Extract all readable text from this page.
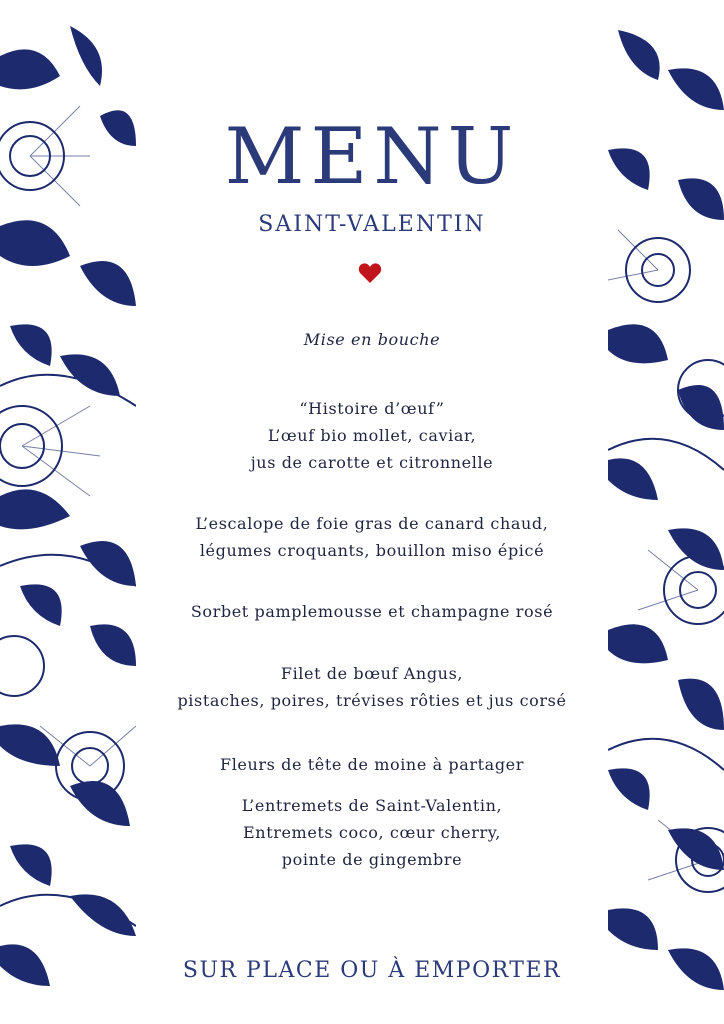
MENU
SAINT-VALENTIN
Mise en bouche
“Histoire d’œuf”
L’œuf bio mollet, caviar,
jus de carotte et citronnelle
L’escalope de foie gras de canard chaud,
légumes croquants, bouillon miso épicé
Sorbet pamplemousse et champagne rosé
Filet de bœuf Angus,
pistaches, poires, trévises rôties et jus corsé
Fleurs de tête de moine à partager
L’entremets de Saint-Valentin,
Entremets coco, cœur cherry,
pointe de gingembre
SUR PLACE OU À EMPORTER
